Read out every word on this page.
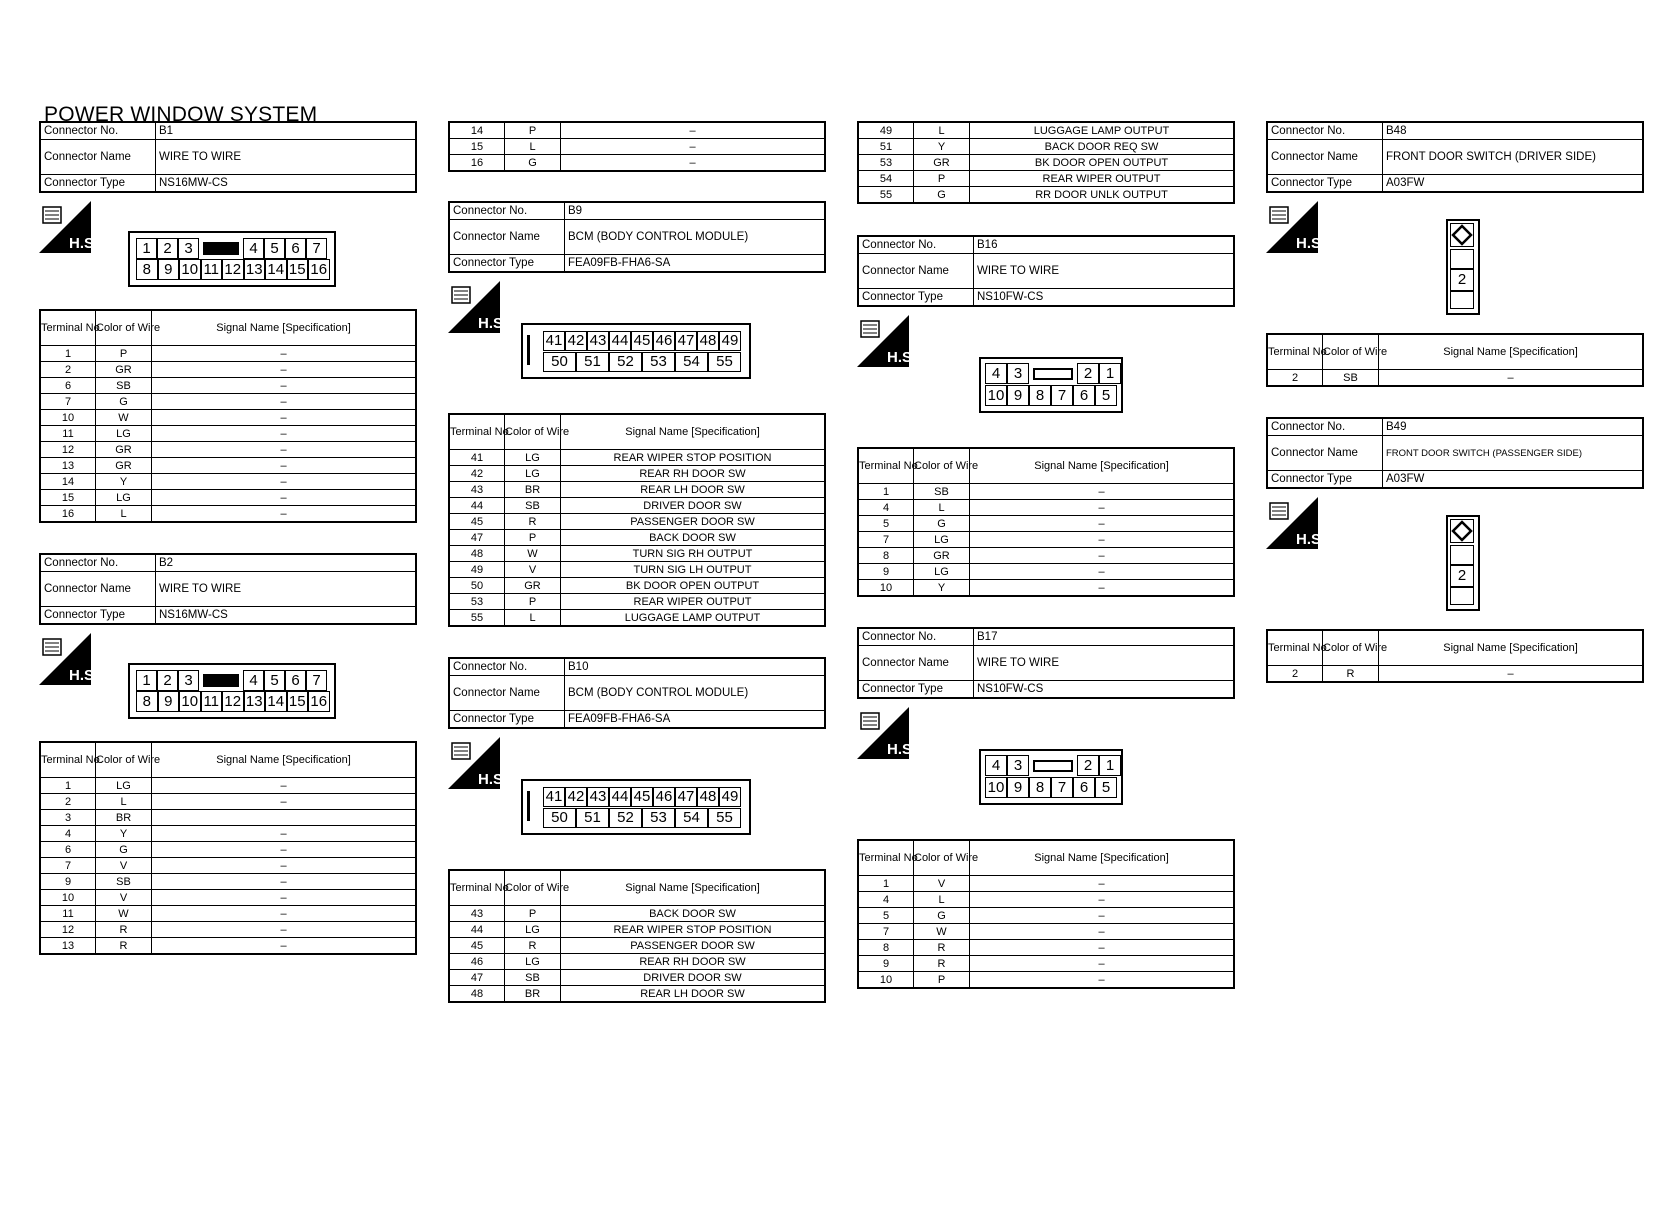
POWER WINDOW SYSTEM
Connector No.	B1
Connector Name	WIRE TO WIRE
Connector Type	NS16MW-CS
H.S.	1 2 3	4 5 6 7
8 9 10 11 12 13 14 15 16
Terminal No.	Color of Wire	Signal Name [Specification]
1	P	–
2	GR	–
6	SB	–
7	G	–
10	W	–
11	LG	–
12	GR	–
13	GR	–
14	Y	–
15	LG	–
16	L	–
Connector No.	B2
Connector Name	WIRE TO WIRE
Connector Type	NS16MW-CS
H.S.	1 2 3	4 5 6 7
8 9 10 11 12 13 14 15 16
Terminal No.	Color of Wire	Signal Name [Specification]
1	LG	–
2	L	–
3	BR	
4	Y	–
6	G	–
7	V	–
9	SB	–
10	V	–
11	W	–
12	R	–
13	R	–
14	P	–
15	L	–
16	G	–
Connector No.	B9
Connector Name	BCM (BODY CONTROL MODULE)
Connector Type	FEA09FB-FHA6-SA
H.S.
41 42 43 44 45 46 47 48 49
50	51	52	53	54	55
Terminal No.	Color of Wire	Signal Name [Specification]
41	LG	REAR WIPER STOP POSITION
42	LG	REAR RH DOOR SW
43	BR	REAR LH DOOR SW
44	SB	DRIVER DOOR SW
45	R	PASSENGER DOOR SW
47	P	BACK DOOR SW
48	W	TURN SIG RH OUTPUT
49	V	TURN SIG LH OUTPUT
50	GR	BK DOOR OPEN OUTPUT
53	P	REAR WIPER OUTPUT
55	L	LUGGAGE LAMP OUTPUT
Connector No.	B10
Connector Name	BCM (BODY CONTROL MODULE)
Connector Type	FEA09FB-FHA6-SA
H.S.
41 42 43 44 45 46 47 48 49
50	51	52	53	54	55
Terminal No.	Color of Wire	Signal Name [Specification]
43	P	BACK DOOR SW
44	LG	REAR WIPER STOP POSITION
45	R	PASSENGER DOOR SW
46	LG	REAR RH DOOR SW
47	SB	DRIVER DOOR SW
48	BR	REAR LH DOOR SW
49	L	LUGGAGE LAMP OUTPUT
51	Y	BACK DOOR REQ SW
53	GR	BK DOOR OPEN OUTPUT
54	P	REAR WIPER OUTPUT
55	G	RR DOOR UNLK OUTPUT
Connector No.	B16
Connector Name	WIRE TO WIRE
Connector Type	NS10FW-CS
H.S.
4 3	2 1
10 9 8 7 6 5
Terminal No.	Color of Wire	Signal Name [Specification]
1	SB	–
4	L	–
5	G	–
7	LG	–
8	GR	–
9	LG	–
10	Y	–
Connector No.	B17
Connector Name	WIRE TO WIRE
Connector Type	NS10FW-CS
H.S.
4 3	2 1
10 9 8 7 6 5
Terminal No.	Color of Wire	Signal Name [Specification]
1	V	–
4	L	–
5	G	–
7	W	–
8	R	–
9	R	–
10	P	–
Connector No.	B48
Connector Name	FRONT DOOR SWITCH (DRIVER SIDE)
Connector Type	A03FW
H.S.
2
Terminal No.	Color of Wire	Signal Name [Specification]
2	SB	–
Connector No.	B49
Connector Name	FRONT DOOR SWITCH (PASSENGER SIDE)
Connector Type	A03FW
H.S.
2
Terminal No.	Color of Wire	Signal Name [Specification]
2	R	–
